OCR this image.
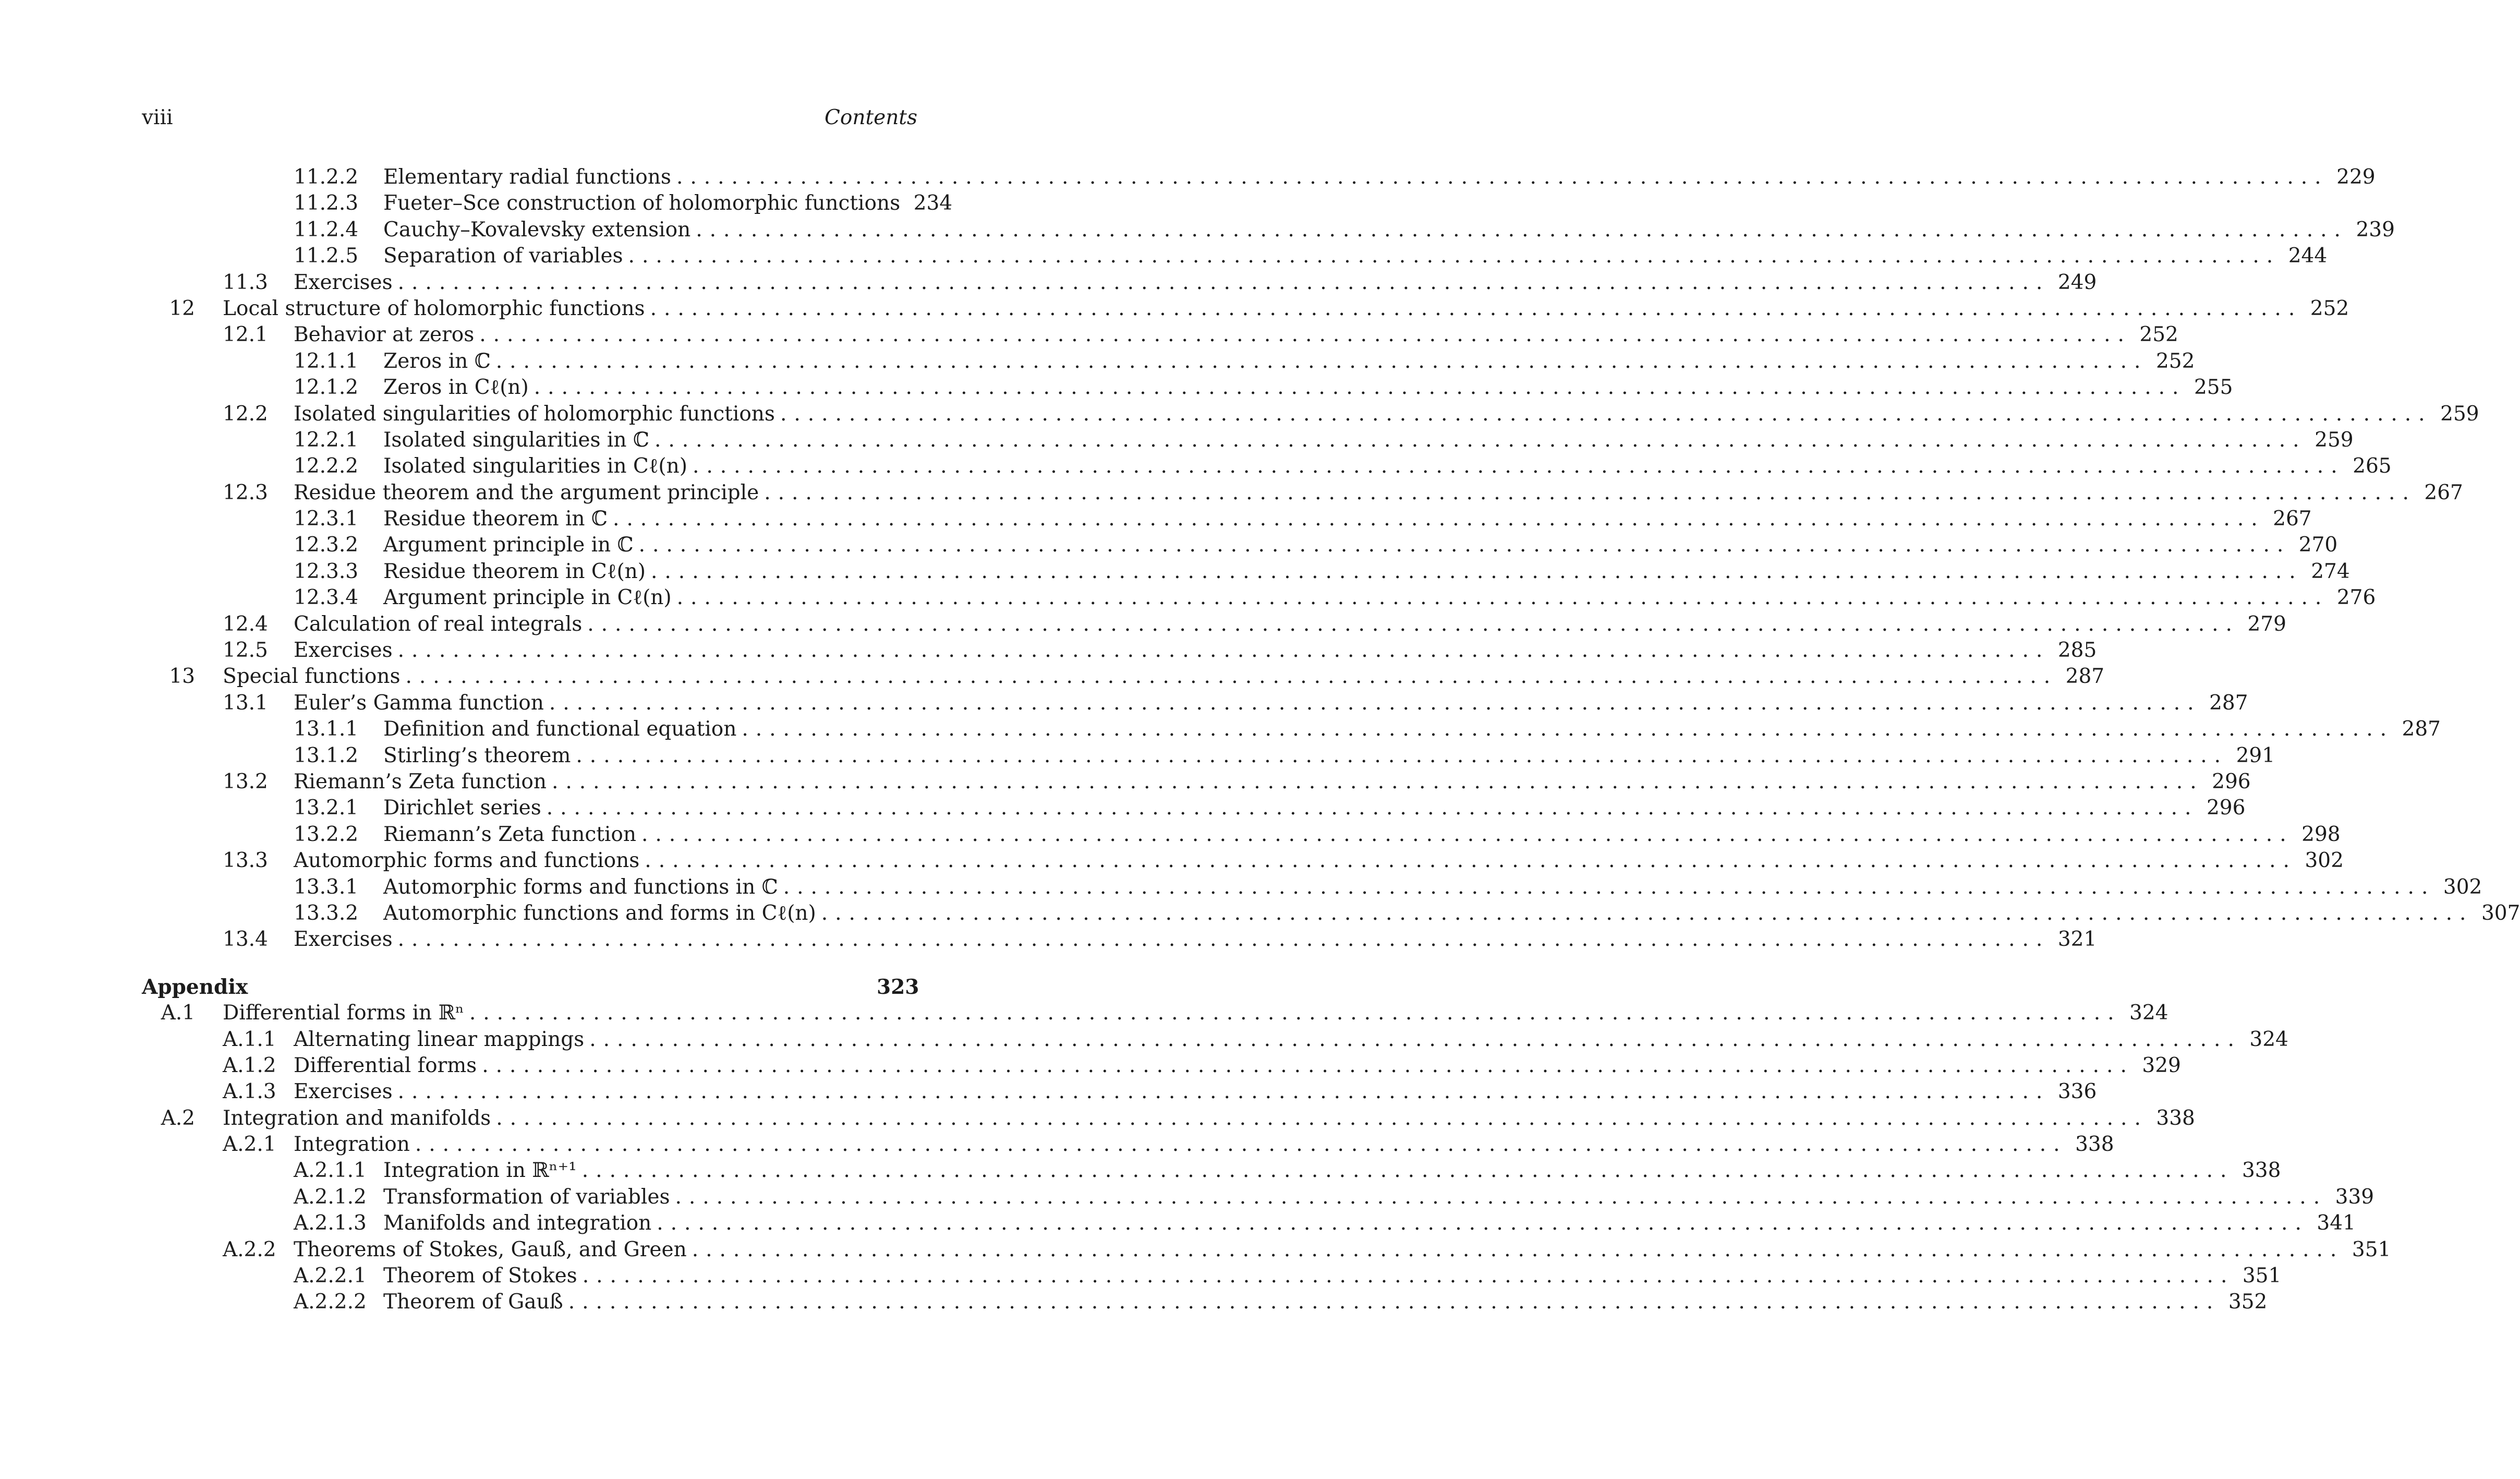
viii	Contents
11.2.2 Elementary radial functions ........................................................................................................................ 229
11.2.3 Fueter–Sce construction of holomorphic functions 234
11.2.4 Cauchy–Kovalevsky extension ........................................................................................................................ 239
11.2.5 Separation of variables ........................................................................................................................ 244
11.3 Exercises ........................................................................................................................ 249
12 Local structure of holomorphic functions ........................................................................................................................ 252
12.1 Behavior at zeros ........................................................................................................................ 252
12.1.1 Zeros in ℂ ........................................................................................................................ 252
12.1.2 Zeros in Cℓ(n) ........................................................................................................................ 255
12.2 Isolated singularities of holomorphic functions ........................................................................................................................ 259
12.2.1 Isolated singularities in ℂ ........................................................................................................................ 259
12.2.2 Isolated singularities in Cℓ(n) ........................................................................................................................ 265
12.3 Residue theorem and the argument principle ........................................................................................................................ 267
12.3.1 Residue theorem in ℂ ........................................................................................................................ 267
12.3.2 Argument principle in ℂ ........................................................................................................................ 270
12.3.3 Residue theorem in Cℓ(n) ........................................................................................................................ 274
12.3.4 Argument principle in Cℓ(n) ........................................................................................................................ 276
12.4 Calculation of real integrals ........................................................................................................................ 279
12.5 Exercises ........................................................................................................................ 285
13 Special functions ........................................................................................................................ 287
13.1 Euler’s Gamma function ........................................................................................................................ 287
13.1.1 Definition and functional equation ........................................................................................................................ 287
13.1.2 Stirling’s theorem ........................................................................................................................ 291
13.2 Riemann’s Zeta function ........................................................................................................................ 296
13.2.1 Dirichlet series ........................................................................................................................ 296
13.2.2 Riemann’s Zeta function ........................................................................................................................ 298
13.3 Automorphic forms and functions ........................................................................................................................ 302
13.3.1 Automorphic forms and functions in ℂ ........................................................................................................................ 302
13.3.2 Automorphic functions and forms in Cℓ(n) ........................................................................................................................ 307
13.4 Exercises ........................................................................................................................ 321
Appendix	323
A.1 Differential forms in ℝⁿ ........................................................................................................................ 324
A.1.1 Alternating linear mappings ........................................................................................................................ 324
A.1.2 Differential forms ........................................................................................................................ 329
A.1.3 Exercises ........................................................................................................................ 336
A.2 Integration and manifolds ........................................................................................................................ 338
A.2.1 Integration ........................................................................................................................ 338
A.2.1.1 Integration in ℝⁿ⁺¹ ........................................................................................................................ 338
A.2.1.2 Transformation of variables ........................................................................................................................ 339
A.2.1.3 Manifolds and integration ........................................................................................................................ 341
A.2.2 Theorems of Stokes, Gauß, and Green ........................................................................................................................ 351
A.2.2.1 Theorem of Stokes ........................................................................................................................ 351
A.2.2.2 Theorem of Gauß ........................................................................................................................ 352
